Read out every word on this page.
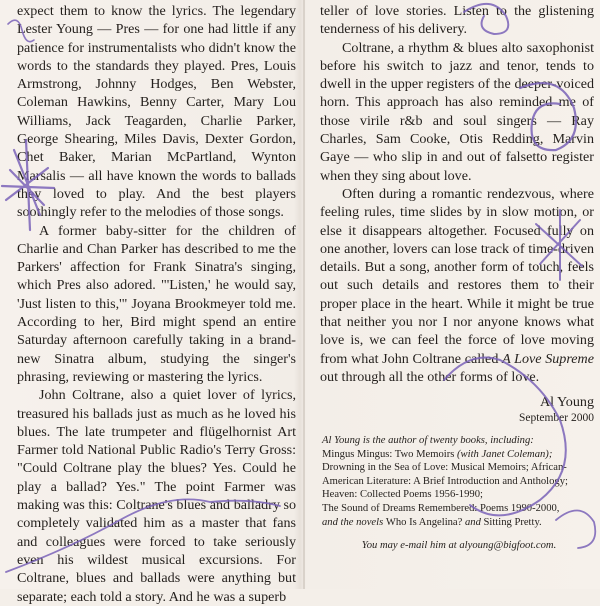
expect them to know the lyrics. The legendary Lester Young — Pres — for one had little if any patience for instrumentalists who didn't know the words to the standards they played. Pres, Louis Armstrong, Johnny Hodges, Ben Webster, Coleman Hawkins, Benny Carter, Mary Lou Williams, Jack Teagarden, Charlie Parker, George Shearing, Miles Davis, Dexter Gordon, Chet Baker, Marian McPartland, Wynton Marsalis — all have known the words to ballads they loved to play. And the best players soothingly refer to the melodies of those songs.

A former baby-sitter for the children of Charlie and Chan Parker has described to me the Parkers' affection for Frank Sinatra's singing, which Pres also adored. "'Listen,' he would say, 'Just listen to this,'" Joyana Brookmeyer told me. According to her, Bird might spend an entire Saturday afternoon carefully taking in a brand-new Sinatra album, studying the singer's phrasing, reviewing or mastering the lyrics.

John Coltrane, also a quiet lover of lyrics, treasured his ballads just as much as he loved his blues. The late trumpeter and flügelhornist Art Farmer told National Public Radio's Terry Gross: "Could Coltrane play the blues? Yes. Could he play a ballad? Yes." The point Farmer was making was this: Coltrane's blues and balladry so completely validated him as a master that fans and colleagues were forced to take seriously even his wildest musical excursions. For Coltrane, blues and ballads were anything but separate; each told a story. And he was a superb

teller of love stories. Listen to the glistening tenderness of his delivery.

Coltrane, a rhythm & blues alto saxophonist before his switch to jazz and tenor, tends to dwell in the upper registers of the deeper-voiced horn. This approach has also reminded me of those virile r&b and soul singers — Ray Charles, Sam Cooke, Otis Redding, Marvin Gaye — who slip in and out of falsetto register when they sing about love.

Often during a romantic rendezvous, where feeling rules, time slides by in slow motion, or else it disappears altogether. Focused fully on one another, lovers can lose track of time-driven details. But a song, another form of touch, feels out such details and restores them to their proper place in the heart. While it might be true that neither you nor I nor anyone knows what love is, we can feel the force of love moving from what John Coltrane called A Love Supreme out through all the other forms of love.

Al Young
September 2000
Al Young is the author of twenty books, including:
Mingus Mingus: Two Memoirs (with Janet Coleman);
Drowning in the Sea of Love: Musical Memoirs; African-American Literature: A Brief Introduction and Anthology;
Heaven: Collected Poems 1956-1990;
The Sound of Dreams Remembered: Poems 1990-2000,
and the novels Who Is Angelina? and Sitting Pretty.
You may e-mail him at alyoung@bigfoot.com.
